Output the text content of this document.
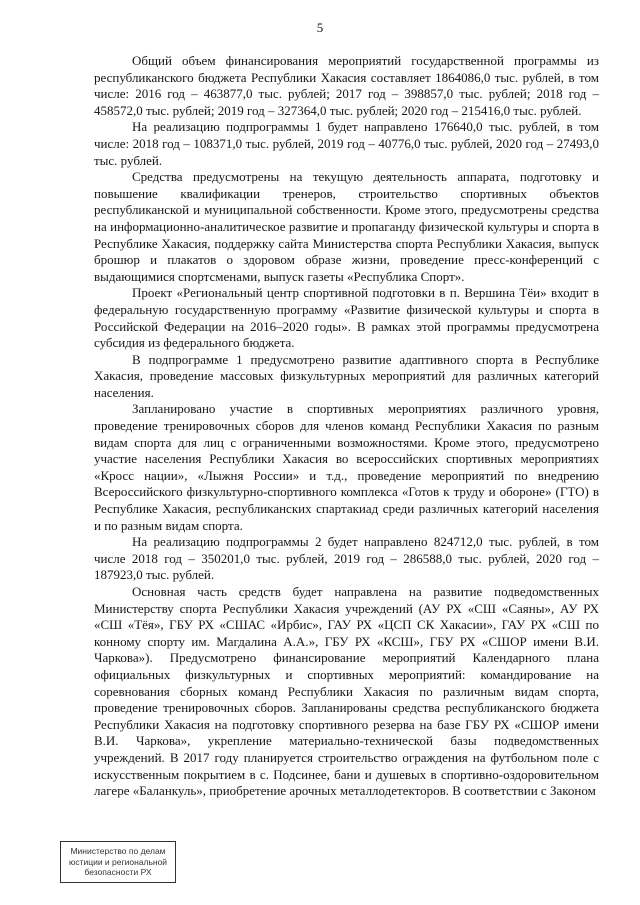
5

Общий объем финансирования мероприятий государственной программы из республиканского бюджета Республики Хакасия составляет 1864086,0 тыс. рублей, в том числе: 2016 год – 463877,0 тыс. рублей; 2017 год – 398857,0 тыс. рублей; 2018 год – 458572,0 тыс. рублей; 2019 год – 327364,0 тыс. рублей; 2020 год – 215416,0 тыс. рублей.

На реализацию подпрограммы 1 будет направлено 176640,0 тыс. рублей, в том числе: 2018 год – 108371,0 тыс. рублей, 2019 год – 40776,0 тыс. рублей, 2020 год – 27493,0 тыс. рублей.

Средства предусмотрены на текущую деятельность аппарата, подготовку и повышение квалификации тренеров, строительство спортивных объектов республиканской и муниципальной собственности. Кроме этого, предусмотрены средства на информационно-аналитическое развитие и пропаганду физической культуры и спорта в Республике Хакасия, поддержку сайта Министерства спорта Республики Хакасия, выпуск брошюр и плакатов о здоровом образе жизни, проведение пресс-конференций с выдающимися спортсменами, выпуск газеты «Республика Спорт».

Проект «Региональный центр спортивной подготовки в п. Вершина Тёи» входит в федеральную государственную программу «Развитие физической культуры и спорта в Российской Федерации на 2016–2020 годы». В рамках этой программы предусмотрена субсидия из федерального бюджета.

В подпрограмме 1 предусмотрено развитие адаптивного спорта в Республике Хакасия, проведение массовых физкультурных мероприятий для различных категорий населения.

Запланировано участие в спортивных мероприятиях различного уровня, проведение тренировочных сборов для членов команд Республики Хакасия по разным видам спорта для лиц с ограниченными возможностями. Кроме этого, предусмотрено участие населения Республики Хакасия во всероссийских спортивных мероприятиях «Кросс нации», «Лыжня России» и т.д., проведение мероприятий по внедрению Всероссийского физкультурно-спортивного комплекса «Готов к труду и обороне» (ГТО) в Республике Хакасия, республиканских спартакиад среди различных категорий населения и по разным видам спорта.

На реализацию подпрограммы 2 будет направлено 824712,0 тыс. рублей, в том числе 2018 год – 350201,0 тыс. рублей, 2019 год – 286588,0 тыс. рублей, 2020 год – 187923,0 тыс. рублей.

Основная часть средств будет направлена на развитие подведомственных Министерству спорта Республики Хакасия учреждений (АУ РХ «СШ «Саяны», АУ РХ «СШ «Тёя», ГБУ РХ «СШАС «Ирбис», ГАУ РХ «ЦСП СК Хакасии», ГАУ РХ «СШ по конному спорту им. Магдалина А.А.», ГБУ РХ «КСШ», ГБУ РХ «СШОР имени В.И. Чаркова»). Предусмотрено финансирование мероприятий Календарного плана официальных физкультурных и спортивных мероприятий: командирование на соревнования сборных команд Республики Хакасия по различным видам спорта, проведение тренировочных сборов. Запланированы средства республиканского бюджета Республики Хакасия на подготовку спортивного резерва на базе ГБУ РХ «СШОР имени В.И. Чаркова», укрепление материально-технической базы подведомственных учреждений. В 2017 году планируется строительство ограждения на футбольном поле с искусственным покрытием в с. Подсинее, бани и душевых в спортивно-оздоровительном лагере «Баланкуль», приобретение арочных металлодетекторов. В соответствии с Законом

Министерство по делам
юстиции и региональной
безопасности РХ
